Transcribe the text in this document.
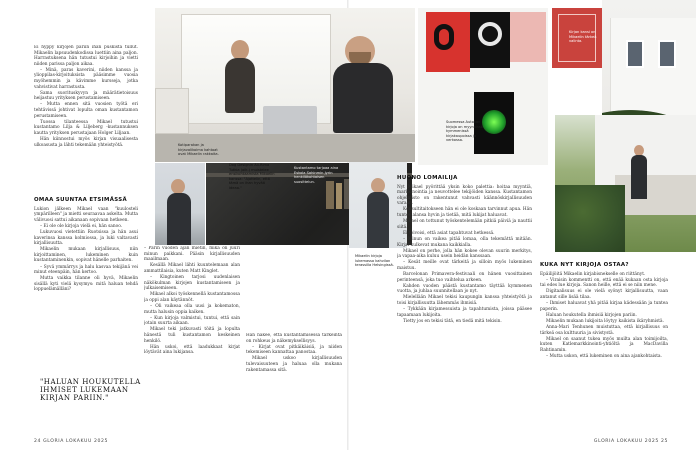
Kotiparakan ja kirjavalikoima kahtoat ovat Mikaelin rakkaita.
Dog Designin Ali-Rima Tutkia (oik.) muistelee ensikohtaamista Mikaelin kanssa: "Ajattelin, että tämä on ihan hyvää ideaa."
Kustantamo tarjoaa aina Eskola Sahinmin Jyrin henkilökohtaisen suosittelun.
Suomessa Autokan kirjoja on myynnissä kymmenissä kirjakaupoissa ja verkossa.
Kirjan kansi on Mikaelin tärkeä valinta.
Mikaelin kirjoja lukemassa kahvilan terassilla Helsingissä.

Ei hyppy kirjojen pariin ihan puskista tullut. Mikaelin lapsuudenkodissa luettiin aina paljon. Harrastuksena hän tutustui kirjoihin ja vietti niiden parissa paljon aikaa.

– Minä, paras kaverini, niiden kanssa ja ylioppilas-kirjoituksista pääsimme vuosia myöhemmin ja kävimme kursseja, jotka vahvistivat harrastusta.

Sama suorituskyvyn ja määrätietoisuus heijastuu yrityksen perustamiseen.

– Mutta ennen sitä vuosien työtä eri tehtävissä johtivat lopulta oman kustantamon perustamiseen.

Tuossa tilanteessa Mikael tutustui kustantamo Lilja & Liljeberg -kustannuksen kautta yrityksen perustajaan Holger Liljaan.

Hän kiinnostui myös kirjan visuaalisesta ulkoasusta ja lähti tekemään yhteistyötä.

OMAA SUUNTAA ETSIMÄSSÄ

Lukion jälkeen Mikael vaan "kuulosteli ympärilleen" ja mietti seuraavaa askelta. Mutta välivuosi sattui aikanaan sopivaan hetkeen.

– Ei ole ole kirjoja vielä ei, hän sanoo.

Lukuvuosi vietettiin Ruotsissa ja hän asui kaverinsa kanssa kolmiossa, ja luki valtavasti kirjallisuutta.

Mikaelin mukaan kirjallisuus, niin kirjoittaminen, lukeminen kuin kustantaminenkin, sopivat hänelle parhaiten.

– Syvä ymmärrys ja halu kasvaa tekijänä vei minut eteenpäin, hän kertoo.

Mutta vaikka tilanne oli hyvä, Mikaelin sisällä kyti vielä kysymys: mitä haluan tehdä loppuelämälläni?

"HALUAN HOUKUTELLA IHMISET LUKEMAAN KIRJAN PARIIN."

– Parin vuoden ajan mietin, mikä on juuri minun paikkani. Pääsin kirjallisuuden maailmaan.

Kesällä Mikael lähti kuuntelemaan alan ammattilaisia, kuten Matt Kinglet.

– Kingtoinen tarjosi uudenlaisen näkökulman kirjojen kustantamiseen ja julkaisemiseen.

Mikael alkoi työskennellä kustantamossa ja oppi alan käytännöt.

– Oli vaikeaa olla uusi ja kokematon, mutta halusin oppia kaiken.

– Kun kirjoja valmistui, tuntui, että sain jotain suurta aikaan.

Mikael teki jatkuvasti töitä ja lopulta hänestä tuli kustantamon keskeinen henkilö.

Hän uskoi, että laadukkaat kirjat löytävät aina lukijansa.

Hän näkee, että kustantamisessa tärkeintä on rohkeus ja näkemyksellisyys.

– Kirjat ovat pitkäikäisiä, ja niiden tekemiseen kannattaa panostaa.

Mikael uskoo kirjallisuuden tulevaisuuteen ja haluaa olla mukana rakentamassa sitä.

HUONO LOMAILIJA

Nyt Mikael pyörittää yksin koko palettia: hoitaa myyntiä, markkinointia ja neuvottelee tekijöiden kanssa. Kustantamon ohjelmisto on rakentunut vahvasti käännöskirjallisuuden varaan.

Konsultitaitokseen hän ei ole koskaan tarvinnut apua. Hän tuntee alansa hyvin ja tietää, mitä lukijat haluavat.

Mikael on tottunut työskentelemään pitkiä päiviä ja nauttii siitä.

Ei toivoisi, että asiat tapahtuvat hetkessä.

– Minun on vaikea pitää lomaa, olla tekemättä mitään. Kirjat kulkevat mukana kaikkialla.

Mikael on perhe, jolla hän kokee olevan suurin merkitys, ja vapaa-aika kuluu usein heidän kanssaan.

– Kesät meille ovat tärkeitä ja silloin myös lukeminen maistuu.

Barcelonan Primavera-festivaali on hänen vuosittainen perinteensä, joka tuo vaihtelua arkeen.

Kahden vuoden päästä kustantamo täyttää kymmenen vuotta, ja juhlaa suunnitellaan jo nyt.

Mielellään Mikael tekisi kaupungin kanssa yhteistyötä ja toisi kirjallisuutta lähemmäs ihmisiä.

– Tykkään kirjamessuista ja tapahtumista, joissa pääsee tapaamaan lukijoita.

Tietty jos en tekisi tätä, en tiedä mitä tekisin.

KUKA NYT KIRJOJA OSTAA?

Epäilijöitä Mikaelin kirjabisnekselle on riittänyt.

– Viraisin kommentti on, että enää kukaan osta kirjoja tai edes lue kirjoja. Sanon heille, että ei se niin mene.

Digitaalisuus ei ole vielä syönyt kirjallisuutta, vaan antanut sille lisää tilaa.

– Ihmiset haluavat yhä pitää kirjaa kädessään ja tuntea paperin.

Haluan houkutella ihmisiä kirjojen pariin.

Mikaelin mukaan lukijoita löytyy kaikista ikäryhmistä.

Anna-Mari Tenhunen muistuttaa, että kirjallisuus on tärkeä osa kulttuuria ja sivistystä.

Mikael on saanut tukea myös muilta alan toimijoilta, kuten Katlemarkkinointi-yhtiöltä ja MacDavilla Rahtinamin.

– Mutta uskon, että lukeminen on aina ajankohtaista.

24 GLORIA LOKAKUU 2025	GLORIA LOKAKUU 2025 25
